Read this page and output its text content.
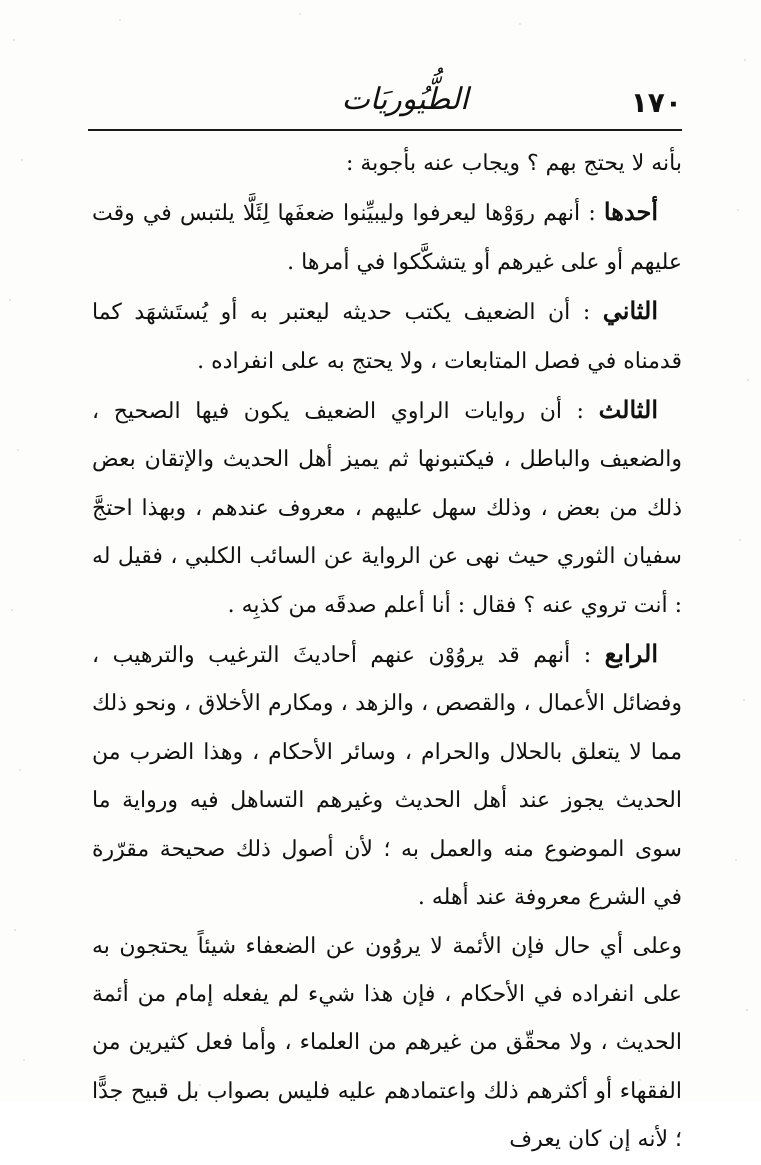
١٧٠
الطُّيُوريَات

بأنه لا يحتج بهم ؟ ويجاب عنه بأجوبة :

أحدها : أنهم روَوْها ليعرفوا وليبيِّنوا ضعفَها لِئَلَّا يلتبس في وقت عليهم أو على غيرهم أو يتشكَّكوا في أمرها .

الثاني : أن الضعيف يكتب حديثه ليعتبر به أو يُستَشهَد كما قدمناه في فصل المتابعات ، ولا يحتج به على انفراده .

الثالث : أن روايات الراوي الضعيف يكون فيها الصحيح ، والضعيف والباطل ، فيكتبونها ثم يميز أهل الحديث والإتقان بعض ذلك من بعض ، وذلك سهل عليهم ، معروف عندهم ، وبهذا احتجَّ سفيان الثوري حيث نهى عن الرواية عن السائب الكلبي ، فقيل له : أنت تروي عنه ؟ فقال : أنا أعلم صدقَه من كذبِه .

الرابع : أنهم قد يروُوْن عنهم أحاديثَ الترغيب والترهيب ، وفضائل الأعمال ، والقصص ، والزهد ، ومكارم الأخلاق ، ونحو ذلك مما لا يتعلق بالحلال والحرام ، وسائر الأحكام ، وهذا الضرب من الحديث يجوز عند أهل الحديث وغيرهم التساهل فيه ورواية ما سوى الموضوع منه والعمل به ؛ لأن أصول ذلك صحيحة مقرّرة في الشرع معروفة عند أهله .

وعلى أي حال فإن الأئمة لا يروُون عن الضعفاء شيئاً يحتجون به على انفراده في الأحكام ، فإن هذا شيء لم يفعله إمام من أئمة الحديث ، ولا محقّق من غيرهم من العلماء ، وأما فعل كثيرين من الفقهاء أو أكثرهم ذلك واعتمادهم عليه فليس بصواب بل قبيح جدًّا ؛ لأنه إن كان يعرف
